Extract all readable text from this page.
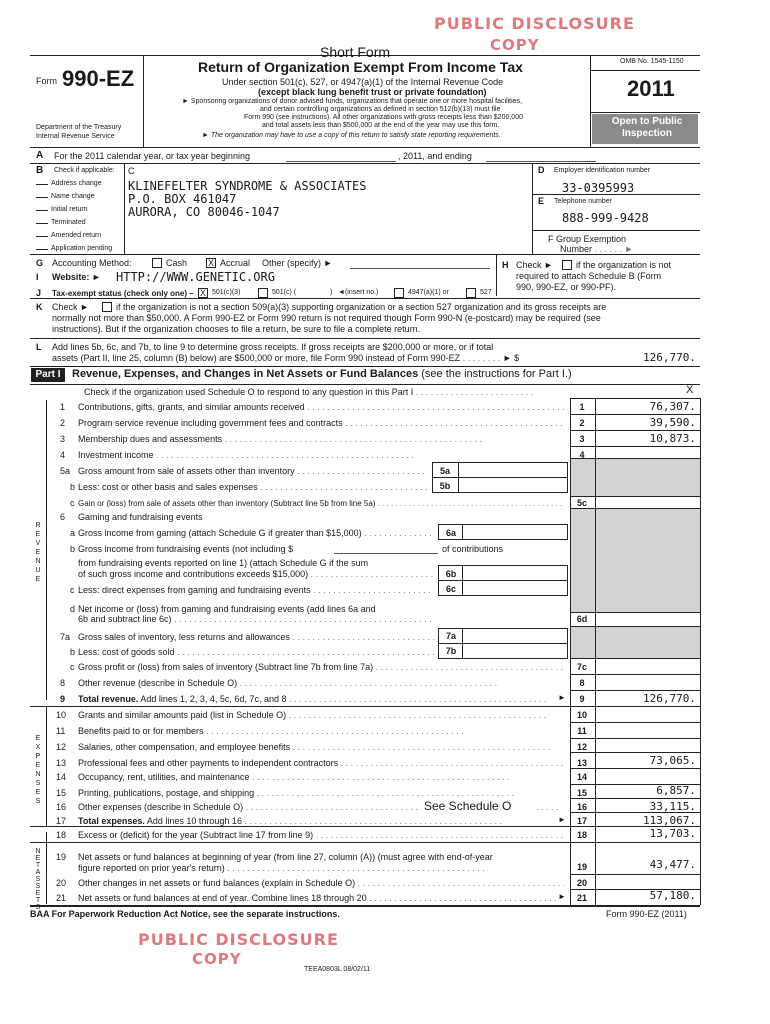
PUBLIC DISCLOSURE
COPY
Form 990-EZ
Department of the Treasury
Internal Revenue Service
Short Form
Return of Organization Exempt From Income Tax
Under section 501(c), 527, or 4947(a)(1) of the Internal Revenue Code
(except black lung benefit trust or private foundation)
► Sponsoring organizations of donor advised funds, organizations that operate one or more hospital facilities,
and certain controlling organizations as defined in section 512(b)(13) must file
Form 990 (see instructions). All other organizations with gross receipts less than $200,000
and total assets less than $500,000 at the end of the year may use this form.
► The organization may have to use a copy of this return to satisfy state reporting requirements.
OMB No. 1545-1150
2011
Open to Public
Inspection
A For the 2011 calendar year, or tax year beginning	, 2011, and ending
B Check if applicable: C
Address change
Name change
Initial return
Terminated
Amended return
Application pending
KLINEFELTER SYNDROME & ASSOCIATES
P.O. BOX 461047
AURORA, CO 80046-1047
D Employer identification number
33-0395993
E Telephone number
888-999-9428
F Group Exemption
Number . . . . . . ►
G Accounting Method:	Cash X Accrual Other (specify) ►
I Website: ► HTTP://WWW.GENETIC.ORG
H Check ►	if the organization is not
required to attach Schedule B (Form
990, 990-EZ, or 990-PF).
J Tax-exempt status (check only one) – X 501(c)(3)	501(c) (	) ◄(insert no.)	4947(a)(1) or	527
K Check ►	if the organization is not a section 509(a)(3) supporting organization or a section 527 organization and its gross receipts are
normally not more than $50,000. A Form 990-EZ or Form 990 return is not required though Form 990-N (e-postcard) may be required (see
instructions). But if the organization chooses to file a return, be sure to file a complete return.
L Add lines 5b, 6c, and 7b, to line 9 to determine gross receipts. If gross receipts are $200,000 or more, or if total
assets (Part II, line 25, column (B) below) are $500,000 or more, file Form 990 instead of Form 990-EZ . . . . . . . . ► $	126,770.
Part I	Revenue, Expenses, and Changes in Net Assets or Fund Balances (see the instructions for Part I.)
Check if the organization used Schedule O to respond to any question in this Part I . . . . . . . . . . . . . . . . . . . . . . . .	X
REVENUE
EXPENSES
NET ASSETS
1 Contributions, gifts, grants, and similar amounts received . . .	1	76,307.
2 Program service revenue including government fees and contracts . . .	2	39,590.
3 Membership dues and assessments . . .	3	10,873.
4 Investment income . . .	4
5a Gross amount from sale of assets other than inventory . . .	5a
b Less: cost or other basis and sales expenses . . .	5b
c Gain or (loss) from sale of assets other than inventory (Subtract line 5b from line 5a) . . .	5c
6 Gaming and fundraising events
a Gross income from gaming (attach Schedule G if greater than $15,000) . . .	6a
b Gross income from fundraising events (not including $	of contributions
from fundraising events reported on line 1) (attach Schedule G if the sum
of such gross income and contributions exceeds $15,000) . . .	6b
c Less: direct expenses from gaming and fundraising events . . .	6c
d Net income or (loss) from gaming and fundraising events (add lines 6a and
6b and subtract line 6c) . . .	6d
7a Gross sales of inventory, less returns and allowances . . .	7a
b Less: cost of goods sold . . .	7b
c Gross profit or (loss) from sales of inventory (Subtract line 7b from line 7a) . . .	7c
8 Other revenue (describe in Schedule O) . . .	8
9 Total revenue. Add lines 1, 2, 3, 4, 5c, 6d, 7c, and 8 . . .	►	9	126,770.
10 Grants and similar amounts paid (list in Schedule O) . . .	10
11 Benefits paid to or for members . . .	11
12 Salaries, other compensation, and employee benefits . . .	12
13 Professional fees and other payments to independent contractors . . .	13	73,065.
14 Occupancy, rent, utilities, and maintenance . . .	14
15 Printing, publications, postage, and shipping . . .	15	6,857.
16 Other expenses (describe in Schedule O) . . .	See Schedule O	. . . . .	16	33,115.
17 Total expenses. Add lines 10 through 16 . . .	►	17	113,067.
18 Excess or (deficit) for the year (Subtract line 17 from line 9) . . .	18	13,703.
19 Net assets or fund balances at beginning of year (from line 27, column (A)) (must agree with end-of-year
figure reported on prior year's return) . . .	19	43,477.
20 Other changes in net assets or fund balances (explain in Schedule O) . . .	20
21 Net assets or fund balances at end of year. Combine lines 18 through 20 . . .	►	21	57,180.
BAA For Paperwork Reduction Act Notice, see the separate instructions.	Form 990-EZ (2011)
PUBLIC DISCLOSURE
COPY
TEEA0803L 08/02/11
